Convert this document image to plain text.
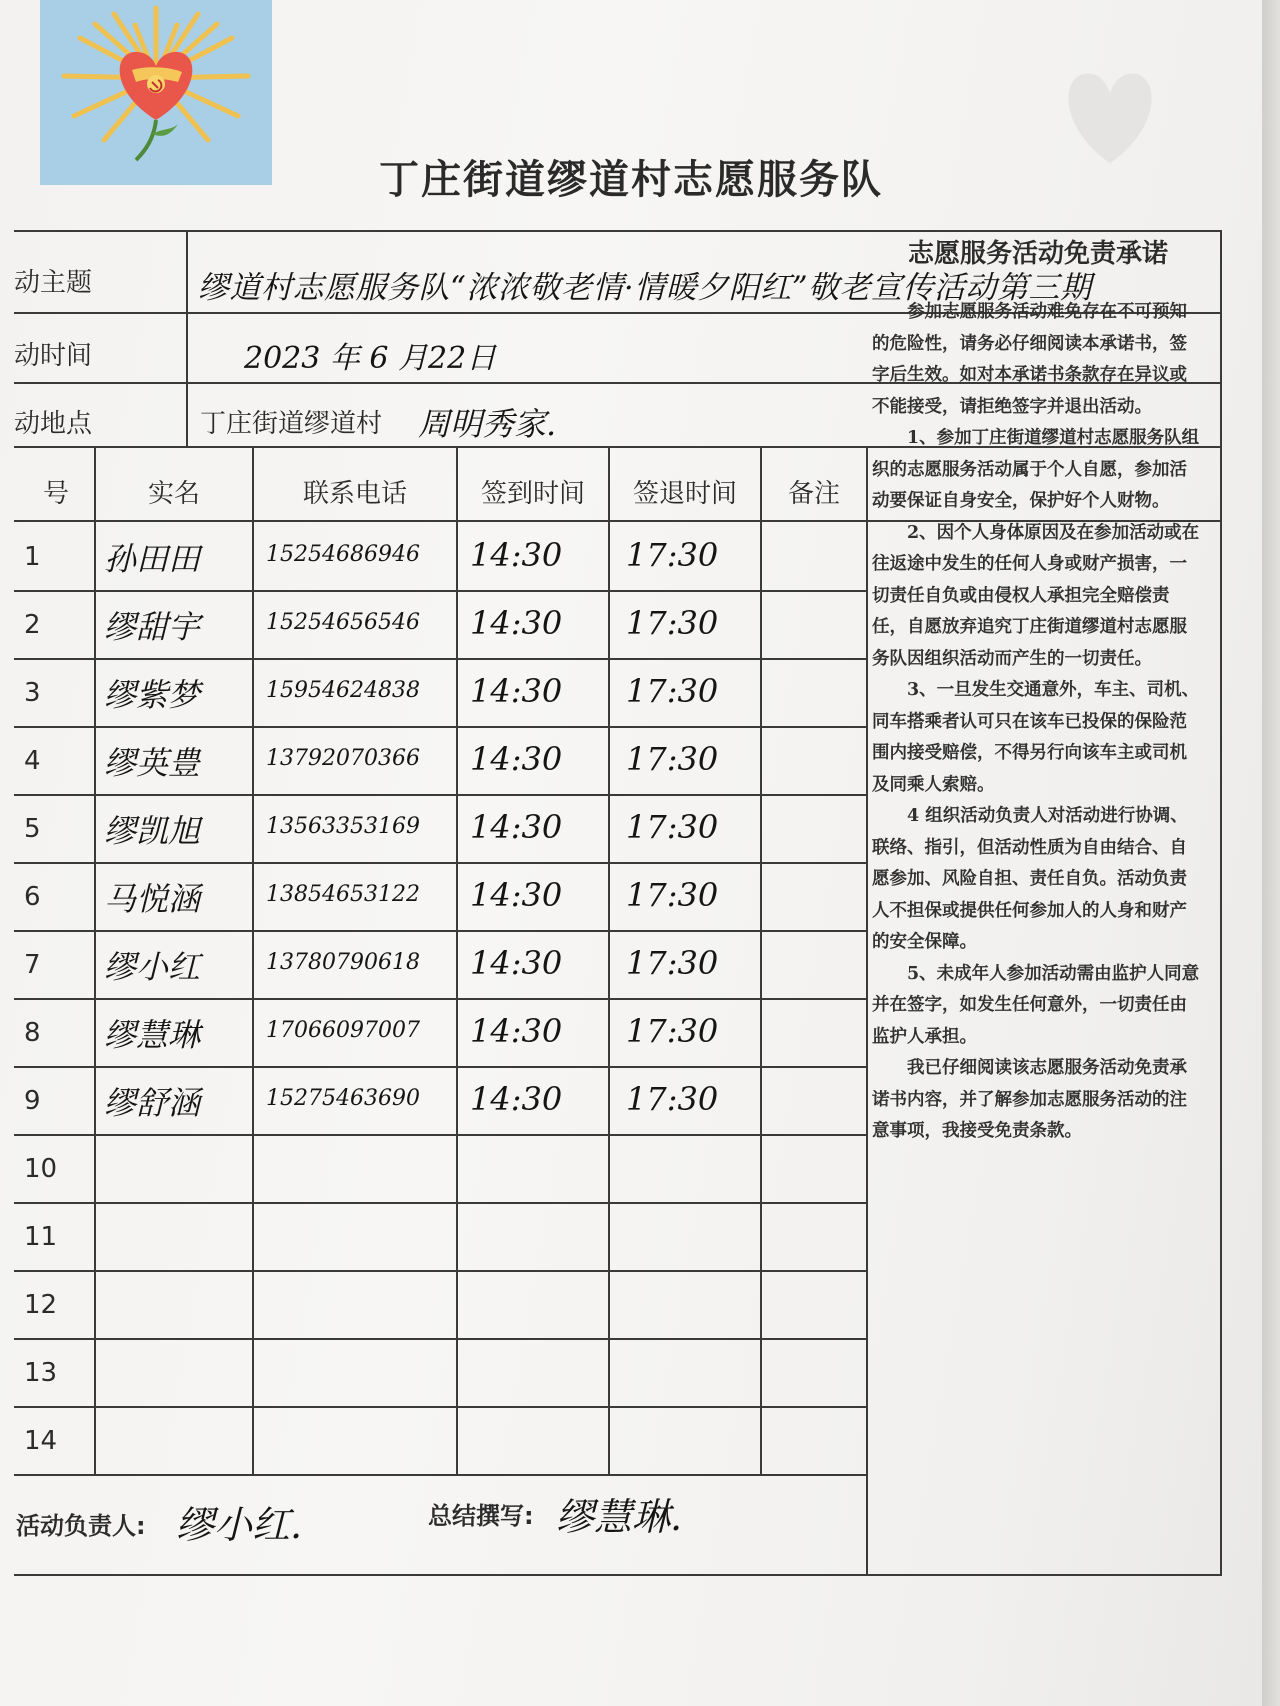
丁庄街道缪道村志愿服务队
动主题	缪道村志愿服务队“浓浓敬老情·情暖夕阳红”敬老宣传活动第三期
动时间	2023 年 6 月22日
动地点	丁庄街道缪道村 周明秀家.
号	实名	联系电话	签到时间	签退时间	备注
1 孙田田	15254686946 14:30 17:30
2 缪甜宇	15254656546 14:30 17:30
3 缪紫梦	15954624838 14:30 17:30
4 缪英豊	13792070366 14:30 17:30
5 缪凯旭	13563353169 14:30 17:30
6 马悦涵	13854653122 14:30 17:30
7 缪小红	13780790618 14:30 17:30
8 缪慧琳	17066097007 14:30 17:30
9 缪舒涵	15275463690 14:30 17:30
10
11
12
13
14
志愿服务活动免责承诺

参加志愿服务活动难免存在不可预知的危险性，请务必仔细阅读本承诺书，签字后生效。如对本承诺书条款存在异议或不能接受，请拒绝签字并退出活动。

1、参加丁庄街道缪道村志愿服务队组织的志愿服务活动属于个人自愿，参加活动要保证自身安全，保护好个人财物。

2、因个人身体原因及在参加活动或在往返途中发生的任何人身或财产损害，一切责任自负或由侵权人承担完全赔偿责任，自愿放弃追究丁庄街道缪道村志愿服务队因组织活动而产生的一切责任。

3、一旦发生交通意外，车主、司机、同车搭乘者认可只在该车已投保的保险范围内接受赔偿，不得另行向该车主或司机及同乘人索赔。

4 组织活动负责人对活动进行协调、联络、指引，但活动性质为自由结合、自愿参加、风险自担、责任自负。活动负责人不担保或提供任何参加人的人身和财产的安全保障。

5、未成年人参加活动需由监护人同意并在签字，如发生任何意外，一切责任由监护人承担。

我已仔细阅读该志愿服务活动免责承诺书内容，并了解参加志愿服务活动的注意事项，我接受免责条款。

活动负责人: 缪小红.	总结撰写: 缪慧琳.
